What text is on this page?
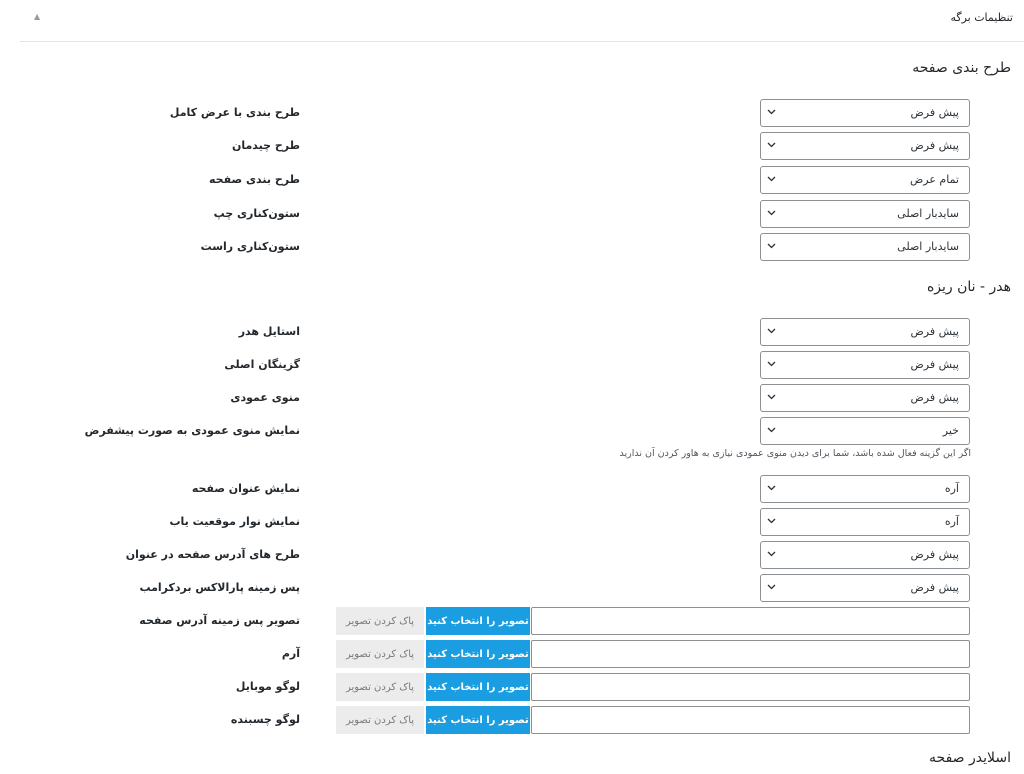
تنظیمات برگه
▲
طرح بندی صفحه
طرح بندی با عرض کامل	پیش فرض
طرح چیدمان	پیش فرض
طرح بندی صفحه	تمام عرض
ستون‌کناری چپ	سایدبار اصلی
ستون‌کناری راست	سایدبار اصلی
هدر - نان ریزه
استایل هدر	پیش فرض
گزینگان اصلی	پیش فرض
منوی عمودی	پیش فرض
نمایش منوی عمودی به صورت پیشفرض	خیر
اگر این گزینه فعال شده باشد، شما برای دیدن منوی عمودی نیازی به هاور کردن آن ندارید
نمایش عنوان صفحه	آره
نمایش نوار موقعیت یاب	آره
طرح های آدرس صفحه در عنوان	پیش فرض
پس زمینه پارالاکس بردکرامب	پیش فرض
تصویر پس زمینه آدرس صفحه	تصویر را انتخاب کنید
پاک کردن تصویر
آرم	تصویر را انتخاب کنید
پاک کردن تصویر
لوگو موبایل	تصویر را انتخاب کنید
پاک کردن تصویر
لوگو چسبنده	تصویر را انتخاب کنید
پاک کردن تصویر
اسلایدر صفحه
